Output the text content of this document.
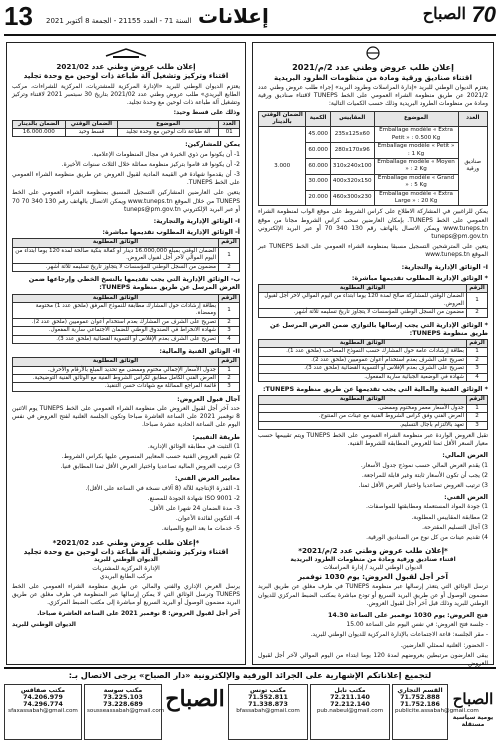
13 السنة 71 - العدد 21155 - الجمعة 8 أكتوبر 2021 إعلانات	70
الصباح
إعلان طلب عروض وطني عدد 2021/02
اقتناء وتركيز وتشغيل آلة طباعة ذات لوحين مع وحدة تجليد
يعتزم الديوان الوطني للبريد «الإدارة المركزية للمشتريات، المركزية للشراءات، مركب الطابع البريدي» طلب عروض وطني عدد 2021/02 بتاريخ 30 سبتمبر 2021 لاقتناء وتركيز وتشغيل آلة طباعة ذات لوحين مع وحدة تجليد.
وذلك على قسط وحيد:
العدد	الموضوع	الضمان الوقتي	الضمان بالدينار
01	آلة طباعة ذات لوحين مع وحدة تجليد	قسط وحيد	16.000.000
يمكن للمشاركين:
1- أن يكونوا من ذوي الخبرة في مجال المنظومات الإعلامية.
2- أن يكونوا قد قاموا بتركيز منظومة مماثلة خلال الثلاث سنوات الأخيرة.
3- أن يقدموا شهادة في القيمة المادية لقبول العروض عن طريق منظومة الشراء العمومي على الخط TUNEPS.
يتعين على العارضين المشاركين التسجيل المسبق بمنظومة الشراء العمومي على الخط TUNEPS من خلال الموقع www.tuneps.tn ويمكن الاتصال بالهاتف رقم 130 340 70 70 أو عبر البريد الإلكتروني tuneps@pm.gov.tn
I- الوثائق الإدارية والتجارية:
أ- الوثائق الإدارية المطلوب تقديمها مباشرة:
الرقم	الوثائق المطلوبة
1	الضمان الوقتي بمبلغ 16.000,000 دينار أو كفالة بنكية صالحة لمدة 120 يوما ابتداء من اليوم الموالي لآخر أجل لقبول العروض.
2	مضمون من السجل الوطني للمؤسسات لا يتجاوز تاريخ تسليمه ثلاثة أشهر.
ب- الوثائق الإدارية التي يجب تقديمها بالنسخ الخطي وإرجاعها ضمن العرض المرسل عن طريق منظومة TUNEPS:
الرقم	الوثائق المطلوبة
1	بطاقة إرشادات حول المشارك مطابقة للنموذج المرفق (ملحق عدد 1) مختومة وممضاة.
2	تصريح على الشرف من المشارك بعدم استخدام أعوان عموميين (ملحق عدد 2).
3	شهادة الانخراط في الصندوق الوطني للضمان الاجتماعي سارية المفعول.
4	تصريح على الشرف بعدم الإفلاس أو التسوية القضائية (ملحق عدد 3).
II- الوثائق الفنية والمالية:
الرقم	الوثائق المطلوبة
1	جدول الأسعار الإجمالي مختوم وممضى مع تحديد المبلغ بالأرقام والأحرف.
2	العرض الفني الكامل مطابق لكراس الشروط الفنية مع الوثائق الفنية التوضيحية.
3	قائمة المراجع المماثلة مع شهادات حسن التنفيذ.
آجال قبول العروض:
حدد آخر أجل لقبول العروض على منظومة الشراء العمومي على الخط TUNEPS يوم الاثنين 8 نوفمبر 2021 على الساعة العاشرة صباحا وتكون الجلسة العلنية لفتح العروض في نفس اليوم على الساعة الحادية عشرة صباحا.
طريقة التقييم:
1) التثبت في مطابقة الوثائق الإدارية.
2) تقييم العروض الفنية حسب المعايير المنصوص عليها بكراس الشروط.
3) ترتيب العروض المالية تصاعديا واختيار العرض الأقل ثمنا المطابق فنيا.
معايير العرض الفني:
1- القدرة الإنتاجية للآلة (8 آلاف نسخة في الساعة على الأقل).
2- ISO 9001 شهادة الجودة للمصنع.
3- مدة الضمان 24 شهرا على الأقل.
4- التكوين لفائدة الأعوان.
5- خدمات ما بعد البيع والصيانة.
*إعلان طلب عروض وطني عدد 2021/02*
اقتناء وتركيز وتشغيل آلة طباعة ذات لوحين مع وحدة تجليد
الديوان الوطني للبريد
الإدارة المركزية للمشتريات
مركب الطابع البريدي
يرسل العرض الإداري والفني والمالي عن طريق منظومة الشراء العمومي على الخط TUNEPS وترسل الوثائق التي لا يمكن إرسالها عبر المنظومة في ظرف مغلق عن طريق البريد مضمون الوصول أو البريد السريع أو مباشرة إلى مكتب الضبط المركزي.
آخر أجل لقبول العروض: 8 نوفمبر 2021 على الساعة العاشرة صباحا.
الديوان الوطني للبريد
إعلان طلب عروض وطني عدد 2/م/2021
اقتناء صناديق ورقية ومادة من منظومات الطرود البريدية
يعتزم الديوان الوطني للبريد «إدارة المراسلات وطرود البريد» إجراء طلب عروض وطني عدد 2021/2 عن طريق منظومة الشراء العمومي على الخط TUNEPS لاقتناء صناديق ورقية ومادة من منظومات الطرود البريدية وذلك حسب الكميات التالية:
العدد	الموضوع	المقاييس	الكمية	الضمان الوقتي بالدينار
صناديق ورقية	Emballage modèle « Extra Petit » : 0.500 Kg	235x125x60	45.000	3.000
	Emballage modèle « Petit » : 1 Kg	280x170x96	60.000	
	Emballage modèle « Moyen » : 2 Kg	310x240x100	60.000	
	Emballage modèle « Grand » : 5 Kg	400x320x150	30.000	
	Emballage modèle « Extra Large » : 20 Kg	460x300x230	20.000	
يمكن للراغبين في المشاركة الاطلاع على كراس الشروط على موقع الواب لمنظومة الشراء العمومي على الخط TUNEPS. بإمكان العارضين سحب كراس الشروط مجانا من موقع www.tuneps.tn ويمكن الاتصال بالهاتف رقم 130 340 70 أو عبر البريد الإلكتروني tuneps@pm.gov.tn
يتعين على المترشحين التسجيل مسبقا بمنظومة الشراء العمومي على الخط TUNEPS عبر الموقع www.tuneps.tn
I- الوثائق الإدارية والتجارية:
* الوثائق الإدارية المطلوب تقديمها مباشرة:
الرقم	الوثائق المطلوبة
1	الضمان الوقتي للمشاركة صالح لمدة 120 يوما ابتداء من اليوم الموالي لآخر أجل لقبول العروض.
2	مضمون من السجل الوطني للمؤسسات لا يتجاوز تاريخ تسليمه ثلاثة أشهر.
* الوثائق الإدارية التي يجب إرسالها بالتوازي ضمن العرض المرسل عن طريق منظومة TUNEPS:
الرقم	الوثائق المطلوبة
1	بطاقة إرشادات عامة حول المشارك حسب النموذج المصاحب (ملحق عدد 1).
2	تصريح على الشرف بعدم استخدام أعوان عموميين (ملحق عدد 2).
3	تصريح على الشرف بعدم الإفلاس أو التسوية القضائية (ملحق عدد 3).
4	شهادة في الوضعية الجبائية سارية المفعول.
* الوثائق الفنية والمالية التي يجب تقديمها عن طريق منظومة TUNEPS:
الرقم	الوثائق المطلوبة
1	جدول الأسعار معمر ومختوم وممضى.
2	العرض الفني وفق كراس الشروط الفنية مع عينات من المنتوج.
3	تعهد بالالتزام بآجال التسليم.
تقبل العروض الواردة عبر منظومة الشراء العمومي على الخط TUNEPS ويتم تقييمها حسب معيار السعر الأقل ثمنا للعروض المطابقة للشروط الفنية.
العرض المالي:
1) يقدم العرض المالي حسب نموذج جدول الأسعار.
2) يجب أن تكون الأسعار ثابتة وغير قابلة للمراجعة.
3) ترتيب العروض تصاعديا واختيار العرض الأقل ثمنا.
العرض الفني:
1) جودة المواد المستعملة ومطابقتها للمواصفات.
2) مطابقة المقاييس المطلوبة.
3) آجال التسليم المقترحة.
4) تقديم عينات من كل نوع من الصناديق الورقية.
*إعلان طلب عروض وطني عدد 2/م/2021*
اقتناء صناديق ورقية ومادة من منظومات الطرود البريدية
الديوان الوطني للبريد / إدارة المراسلات
آخر أجل لقبول العروض: يوم 1030 نوفمبر
ترسل الوثائق التي يتعذر إرسالها عبر منظومة TUNEPS في ظرف مغلق عن طريق البريد مضمون الوصول أو عن طريق البريد السريع أو تودع مباشرة بمكتب الضبط المركزي للديوان الوطني للبريد وذلك قبل آخر أجل لقبول العروض.
فتح العروض: يوم 1030 نوفمبر على الساعة 14.30
- جلسة فتح العروض: في نفس اليوم على الساعة 15.00
- مقر الجلسة: قاعة الاجتماعات بالإدارة المركزية للديوان الوطني للبريد.
- الحضور: العلنية لممثلي العارضين.
يبقى العارضون مرتبطين بعروضهم لمدة 120 يوما ابتداء من اليوم الموالي لآخر أجل لقبول العروض.
لتجميع إعلاناتكم الإشهارية على الجرائد الورقية والإلكترونية «دار الصباح» يرجى الاتصال بـ:
مكتب صفاقس
74.206.979
74.296.774
sfaxassabah@gmail.com
مكتب سوسة
73.225.103
73.228.689
sousseassabah@gmail.com الصباح	مكتب تونس
71.352.811
71.338.873
bfassabah@gmail.com
مكتب نابل
72.211.140
72.212.140
pub.nabeul@gmail.com
القسم التجاري
71.752.888
71.752.186
publicite.assabah@gmail.com
الصباح
يومية سياسية مستقلة
